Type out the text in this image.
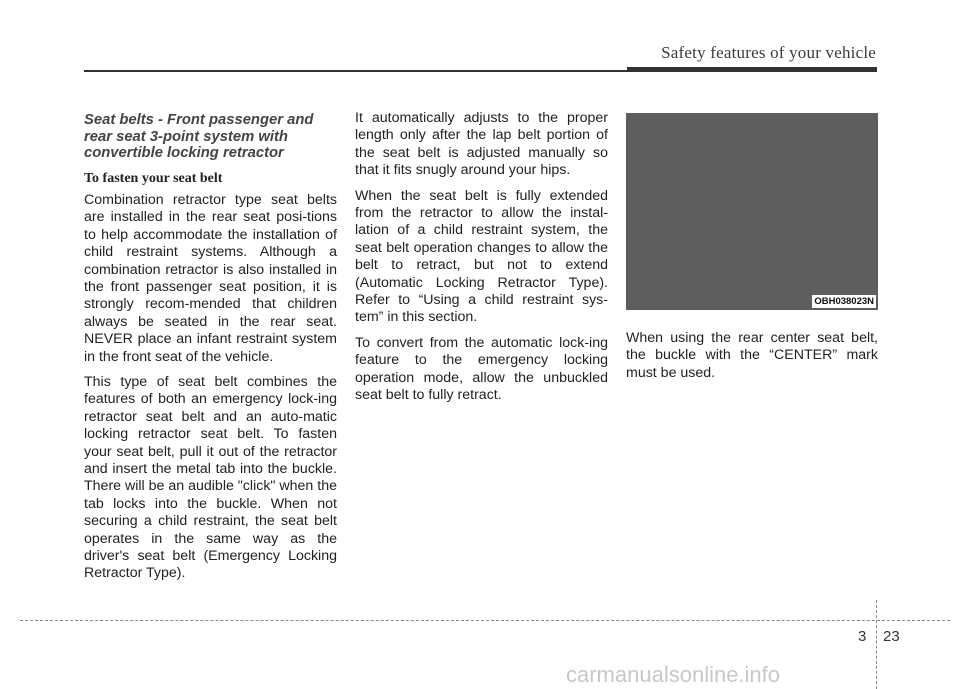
Safety features of your vehicle
Seat belts - Front passenger and rear seat 3-point system with convertible locking retractor
To fasten your seat belt

Combination retractor type seat belts are installed in the rear seat posi-tions to help accommodate the installation of child restraint systems. Although a combination retractor is also installed in the front passenger seat position, it is strongly recom-mended that children always be seated in the rear seat. NEVER place an infant restraint system in the front seat of the vehicle.

This type of seat belt combines the features of both an emergency lock-ing retractor seat belt and an auto-matic locking retractor seat belt. To fasten your seat belt, pull it out of the retractor and insert the metal tab into the buckle. There will be an audible "click" when the tab locks into the buckle. When not securing a child restraint, the seat belt operates in the same way as the driver's seat belt (Emergency Locking Retractor Type).

It automatically adjusts to the proper length only after the lap belt portion of the seat belt is adjusted manually so that it fits snugly around your hips.

When the seat belt is fully extended from the retractor to allow the instal-lation of a child restraint system, the seat belt operation changes to allow the belt to retract, but not to extend (Automatic Locking Retractor Type). Refer to “Using a child restraint sys-tem” in this section.

To convert from the automatic lock-ing feature to the emergency locking operation mode, allow the unbuckled seat belt to fully retract.

OBH038023N

When using the rear center seat belt, the buckle with the “CENTER” mark must be used.

3 23
carmanualsonline.info
